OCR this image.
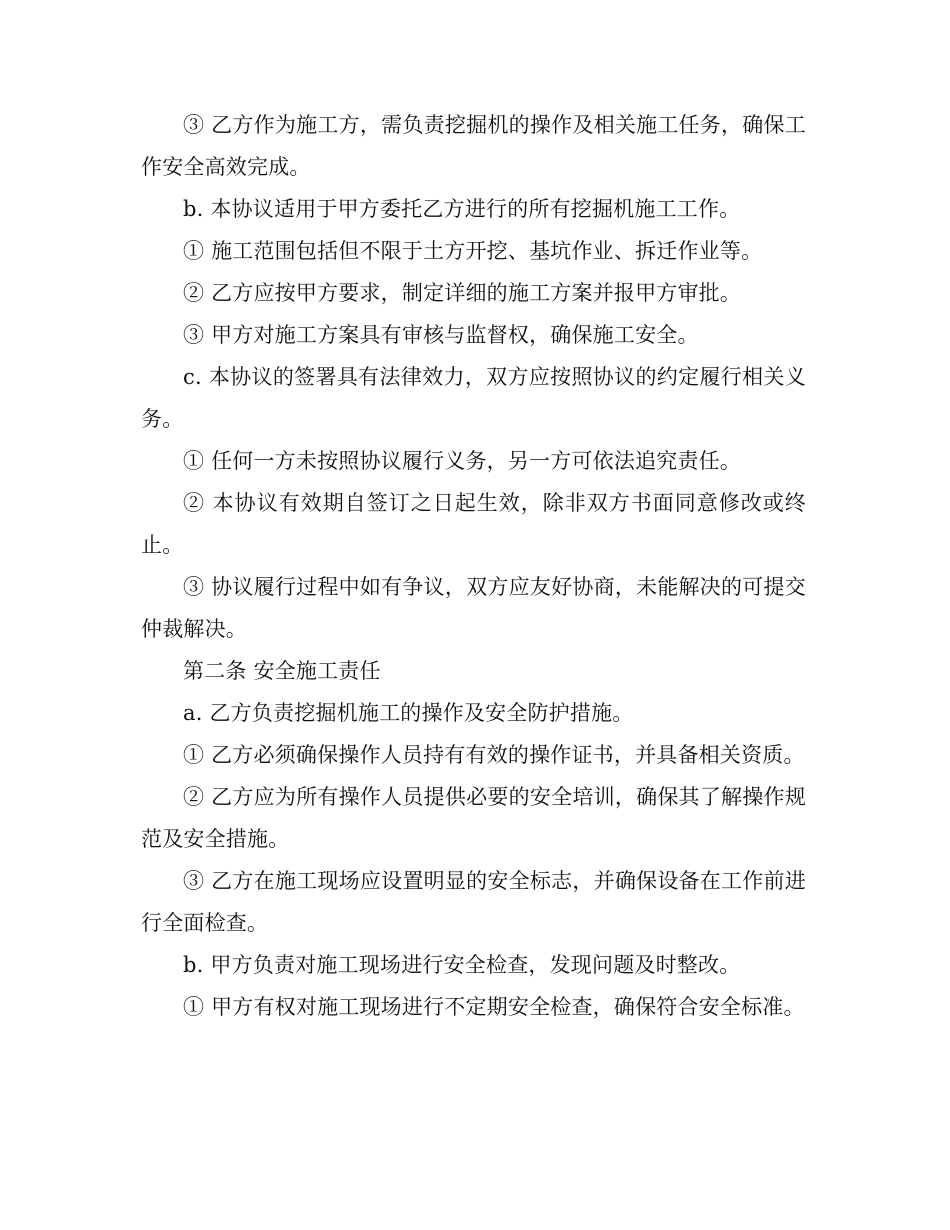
③ 乙方作为施工方，需负责挖掘机的操作及相关施工任务，确保工作安全高效完成。

b. 本协议适用于甲方委托乙方进行的所有挖掘机施工工作。

① 施工范围包括但不限于土方开挖、基坑作业、拆迁作业等。

② 乙方应按甲方要求，制定详细的施工方案并报甲方审批。

③ 甲方对施工方案具有审核与监督权，确保施工安全。

c. 本协议的签署具有法律效力，双方应按照协议的约定履行相关义务。

① 任何一方未按照协议履行义务，另一方可依法追究责任。

② 本协议有效期自签订之日起生效，除非双方书面同意修改或终止。

③ 协议履行过程中如有争议，双方应友好协商，未能解决的可提交仲裁解决。

第二条 安全施工责任

a. 乙方负责挖掘机施工的操作及安全防护措施。

① 乙方必须确保操作人员持有有效的操作证书，并具备相关资质。

② 乙方应为所有操作人员提供必要的安全培训，确保其了解操作规范及安全措施。

③ 乙方在施工现场应设置明显的安全标志，并确保设备在工作前进行全面检查。

b. 甲方负责对施工现场进行安全检查，发现问题及时整改。

① 甲方有权对施工现场进行不定期安全检查，确保符合安全标准。
